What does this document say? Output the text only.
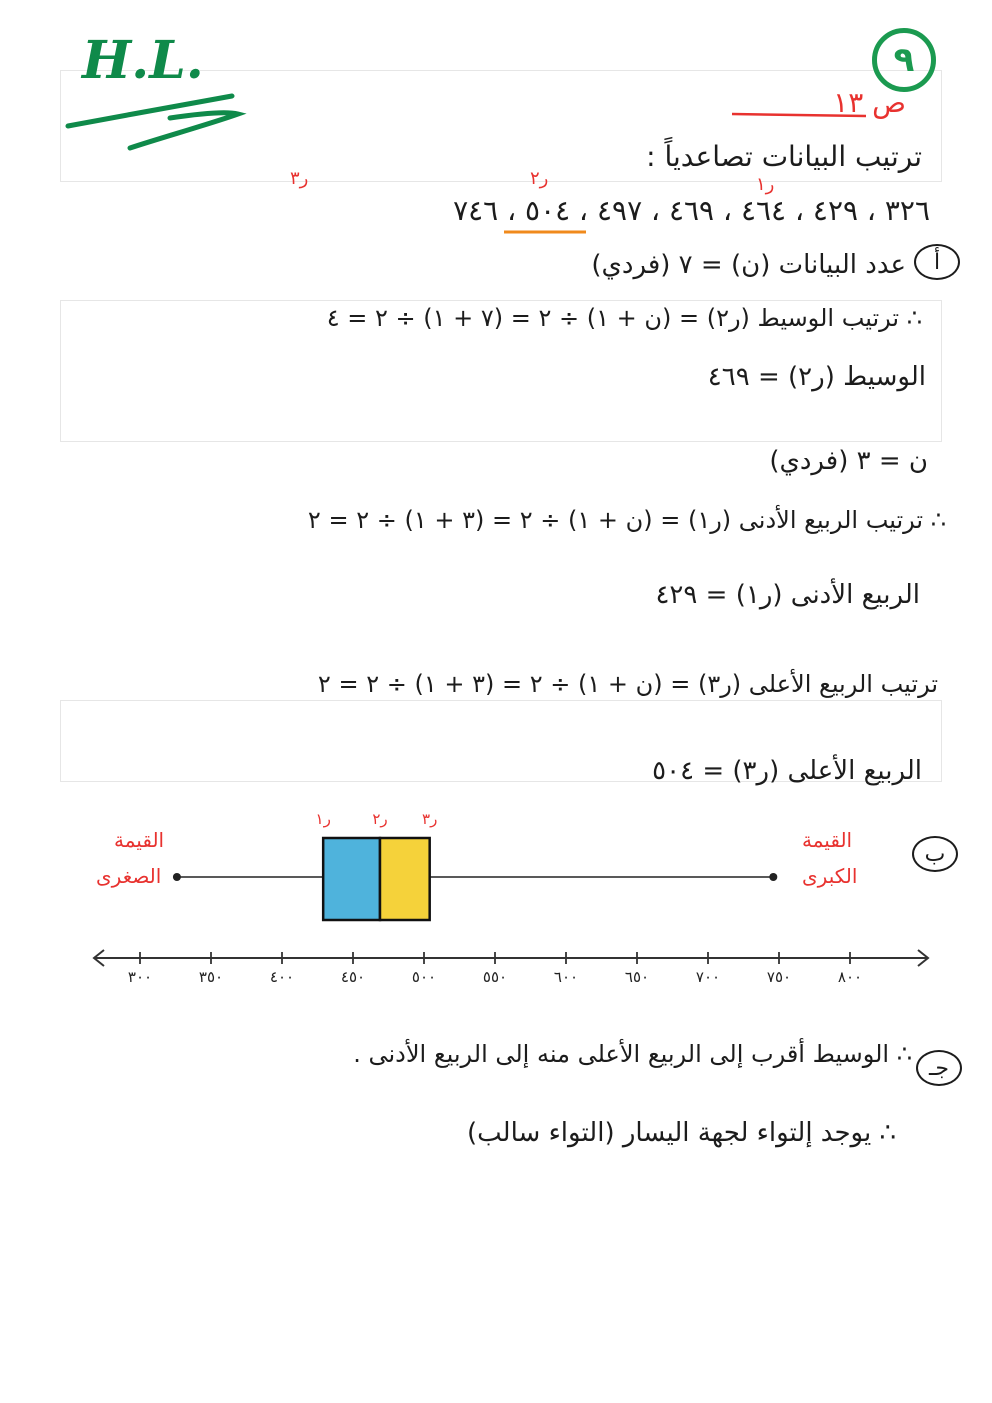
H.L.	٩
ص ١٣
ترتيب البيانات تصاعدياً :
ر٣	ر٢	ر١
٣٢٦ ، ٤٢٩ ، ٤٦٤ ، ٤٦٩ ، ٤٩٧ ، ٥٠٤ ، ٧٤٦
أ
عدد البيانات (ن) = ٧ (فردي)
∴ ترتيب الوسيط (ر٢) = (ن + ١) ÷ ٢ = (٧ + ١) ÷ ٢ = ٤
الوسيط (ر٢) = ٤٦٩
ن = ٣ (فردي)
∴ ترتيب الربيع الأدنى (ر١) = (ن + ١) ÷ ٢ = (٣ + ١) ÷ ٢ = ٢
الربيع الأدنى (ر١) = ٤٢٩
ترتيب الربيع الأعلى (ر٣) = (ن + ١) ÷ ٢ = (٣ + ١) ÷ ٢ = ٢
الربيع الأعلى (ر٣) = ٥٠٤
ب
القيمة
الصغرى
القيمة
الكبرى
ر١	ر٢ ر٣
٣٠٠	٣٥٠	٤٠٠	٤٥٠	٥٠٠	٥٥٠	٦٠٠	٦٥٠	٧٠٠	٧٥٠	٨٠٠
جـ
∴ الوسيط أقرب إلى الربيع الأعلى منه إلى الربيع الأدنى .
∴ يوجد إلتواء لجهة اليسار (التواء سالب)
